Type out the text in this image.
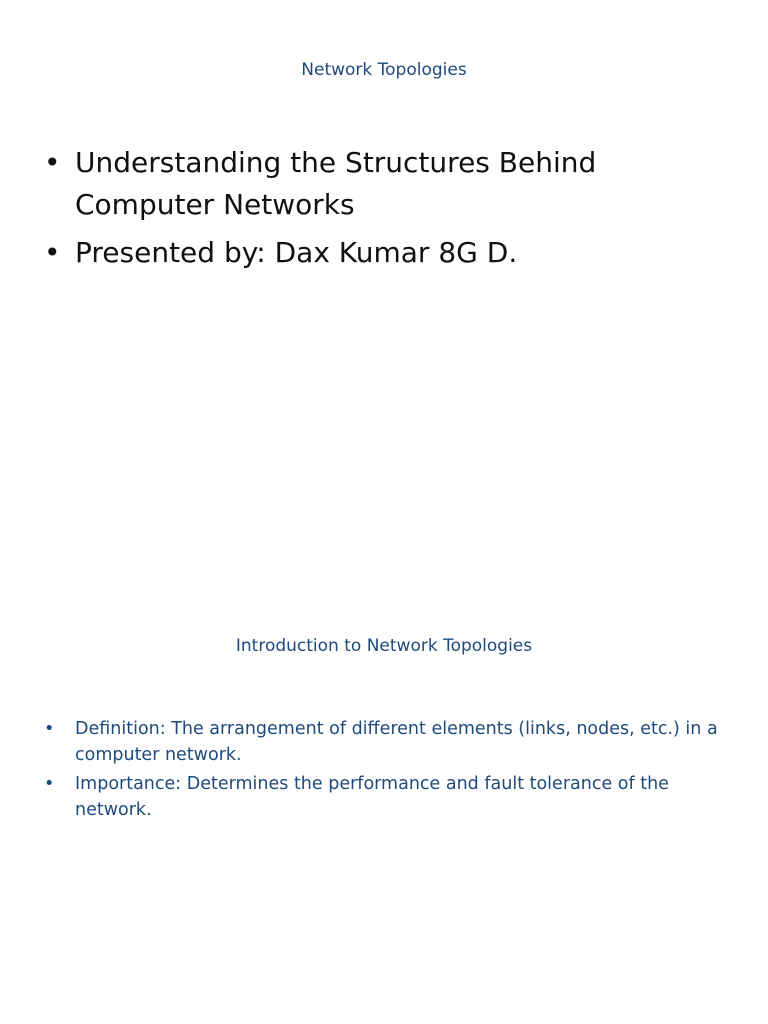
Network Topologies
• Understanding the Structures Behind Computer Networks
• Presented by: Dax Kumar 8G D.
Introduction to Network Topologies
• Definition: The arrangement of different elements (links, nodes, etc.) in a computer network.
• Importance: Determines the performance and fault tolerance of the network.
